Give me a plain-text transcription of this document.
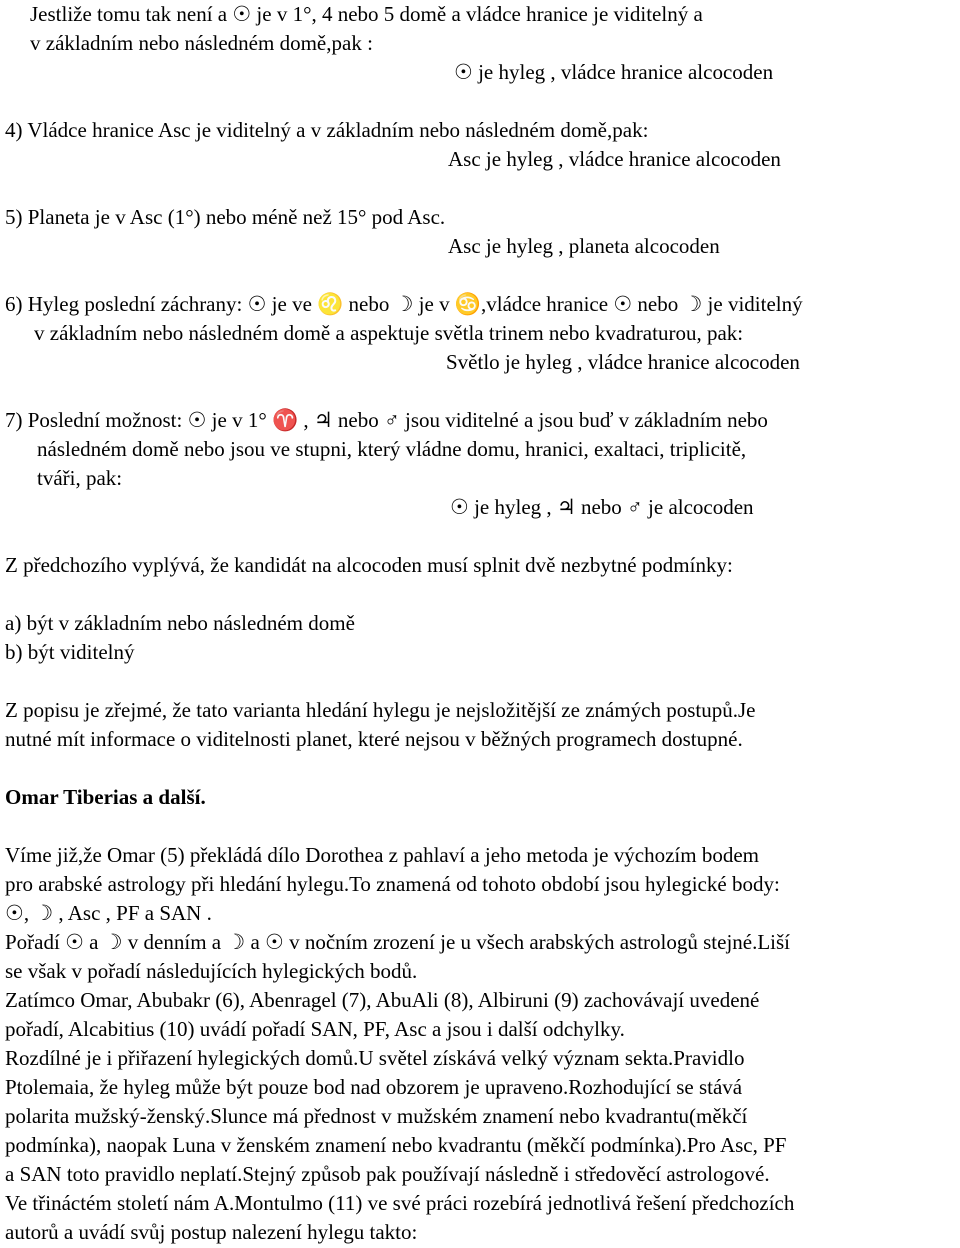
Jestliže tomu tak není a ☉ je v 1°, 4 nebo 5 domě a vládce hranice je viditelný a
v základním nebo následném domě,pak :
☉ je hyleg , vládce hranice alcocoden
4) Vládce hranice Asc je viditelný a v základním nebo následném domě,pak:
Asc je hyleg , vládce hranice alcocoden
5) Planeta je v Asc (1°) nebo méně než 15° pod Asc.
Asc je hyleg , planeta alcocoden
6) Hyleg poslední záchrany: ☉ je ve ♌ nebo ☽ je v ♋,vládce hranice ☉ nebo ☽ je viditelný
v základním nebo následném domě a aspektuje světla trinem nebo kvadraturou, pak:
Světlo je hyleg , vládce hranice alcocoden
7) Poslední možnost: ☉ je v 1° ♈ , ♃ nebo ♂ jsou viditelné a jsou buď v základním nebo
následném domě nebo jsou ve stupni, který vládne domu, hranici, exaltaci, triplicitě,
tváři, pak:
☉ je hyleg , ♃ nebo ♂ je alcocoden
Z předchozího vyplývá, že kandidát na alcocoden musí splnit dvě nezbytné podmínky:
a) být v základním nebo následném domě
b) být viditelný
Z popisu je zřejmé, že tato varianta hledání hylegu je nejsložitější ze známých postupů.Je
nutné mít informace o viditelnosti planet, které nejsou v běžných programech dostupné.
Omar Tiberias a další.
Víme již,že Omar (5) překládá dílo Dorothea z pahlaví a jeho metoda je výchozím bodem
pro arabské astrology při hledání hylegu.To znamená od tohoto období jsou hylegické body:
☉, ☽ , Asc , PF a SAN .
Pořadí ☉ a ☽ v denním a ☽ a ☉ v nočním zrození je u všech arabských astrologů stejné.Liší
se však v pořadí následujících hylegických bodů.
Zatímco Omar, Abubakr (6), Abenragel (7), AbuAli (8), Albiruni (9) zachovávají uvedené
pořadí, Alcabitius (10) uvádí pořadí SAN, PF, Asc a jsou i další odchylky.
Rozdílné je i přiřazení hylegických domů.U světel získává velký význam sekta.Pravidlo
Ptolemaia, že hyleg může být pouze bod nad obzorem je upraveno.Rozhodující se stává
polarita mužský-ženský.Slunce má přednost v mužském znamení nebo kvadrantu(měkčí
podmínka), naopak Luna v ženském znamení nebo kvadrantu (měkčí podmínka).Pro Asc, PF
a SAN toto pravidlo neplatí.Stejný způsob pak používají následně i středověcí astrologové.
Ve třináctém století nám A.Montulmo (11) ve své práci rozebírá jednotlivá řešení předchozích
autorů a uvádí svůj postup nalezení hylegu takto:
